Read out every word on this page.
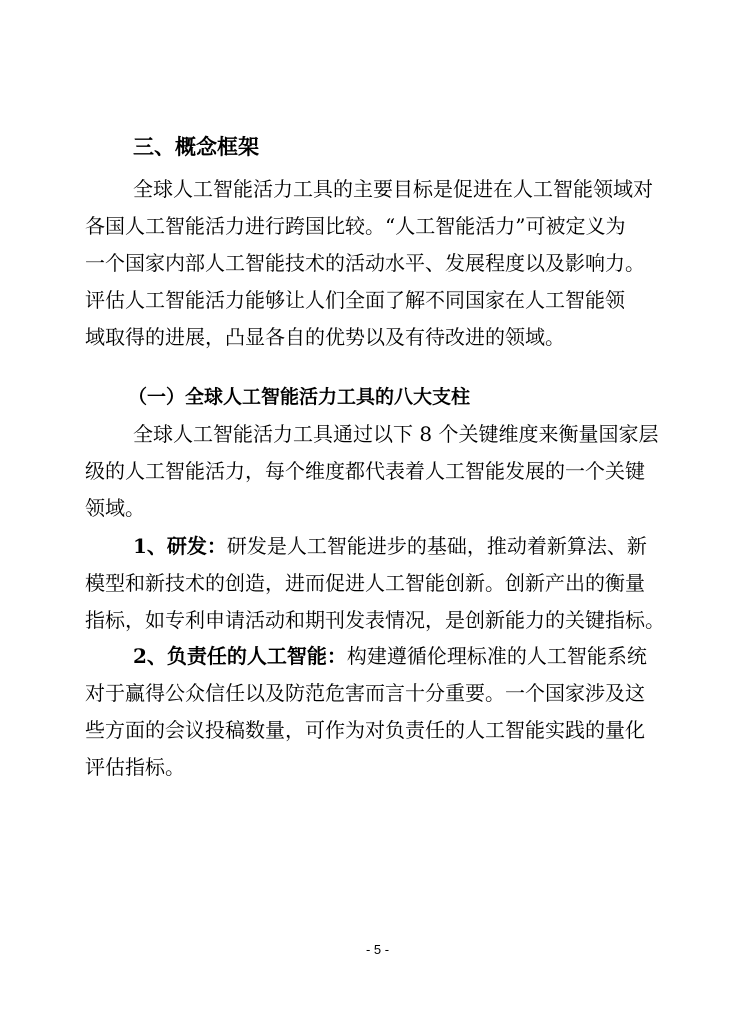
三、概念框架
全球人工智能活力工具的主要目标是促进在人工智能领域对
各国人工智能活力进行跨国比较。“人工智能活力”可被定义为
一个国家内部人工智能技术的活动水平、发展程度以及影响力。
评估人工智能活力能够让人们全面了解不同国家在人工智能领
域取得的进展，凸显各自的优势以及有待改进的领域。
（一）全球人工智能活力工具的八大支柱
全球人工智能活力工具通过以下 8 个关键维度来衡量国家层
级的人工智能活力，每个维度都代表着人工智能发展的一个关键
领域。
1、研发：研发是人工智能进步的基础，推动着新算法、新
模型和新技术的创造，进而促进人工智能创新。创新产出的衡量
指标，如专利申请活动和期刊发表情况，是创新能力的关键指标。
2、负责任的人工智能：构建遵循伦理标准的人工智能系统
对于赢得公众信任以及防范危害而言十分重要。一个国家涉及这
些方面的会议投稿数量，可作为对负责任的人工智能实践的量化
评估指标。
- 5 -
